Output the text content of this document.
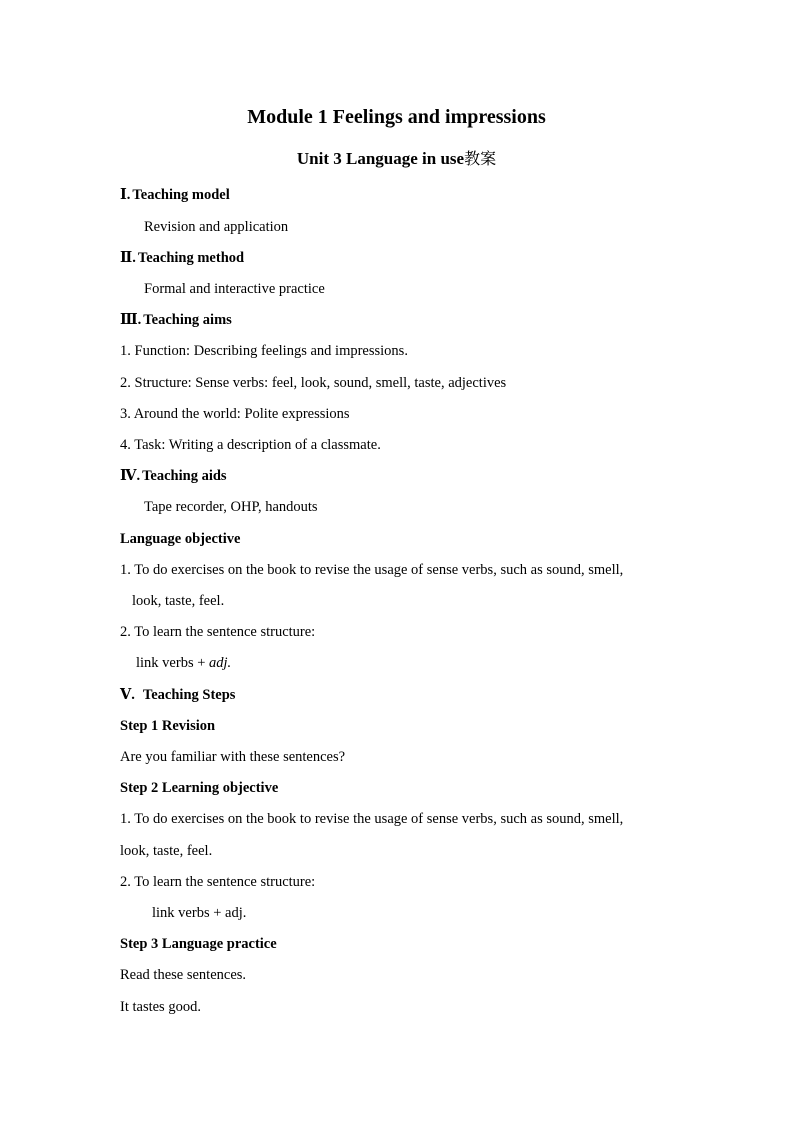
Module 1 Feelings and impressions
Unit 3 Language in use教案
Ⅰ. Teaching model
Revision and application
Ⅱ. Teaching method
Formal and interactive practice
Ⅲ. Teaching aims
1. Function: Describing feelings and impressions.
2. Structure: Sense verbs: feel, look, sound, smell, taste, adjectives
3. Around the world: Polite expressions
4. Task: Writing a description of a classmate.
Ⅳ. Teaching aids
Tape recorder, OHP, handouts
Language objective
1. To do exercises on the book to revise the usage of sense verbs, such as sound, smell,
look, taste, feel.
2. To learn the sentence structure:
link verbs + adj.
Ⅴ. Teaching Steps
Step 1 Revision
Are you familiar with these sentences?
Step 2 Learning objective
1. To do exercises on the book to revise the usage of sense verbs, such as sound, smell,
look, taste, feel.
2. To learn the sentence structure:
link verbs + adj.
Step 3 Language practice
Read these sentences.
It tastes good.
